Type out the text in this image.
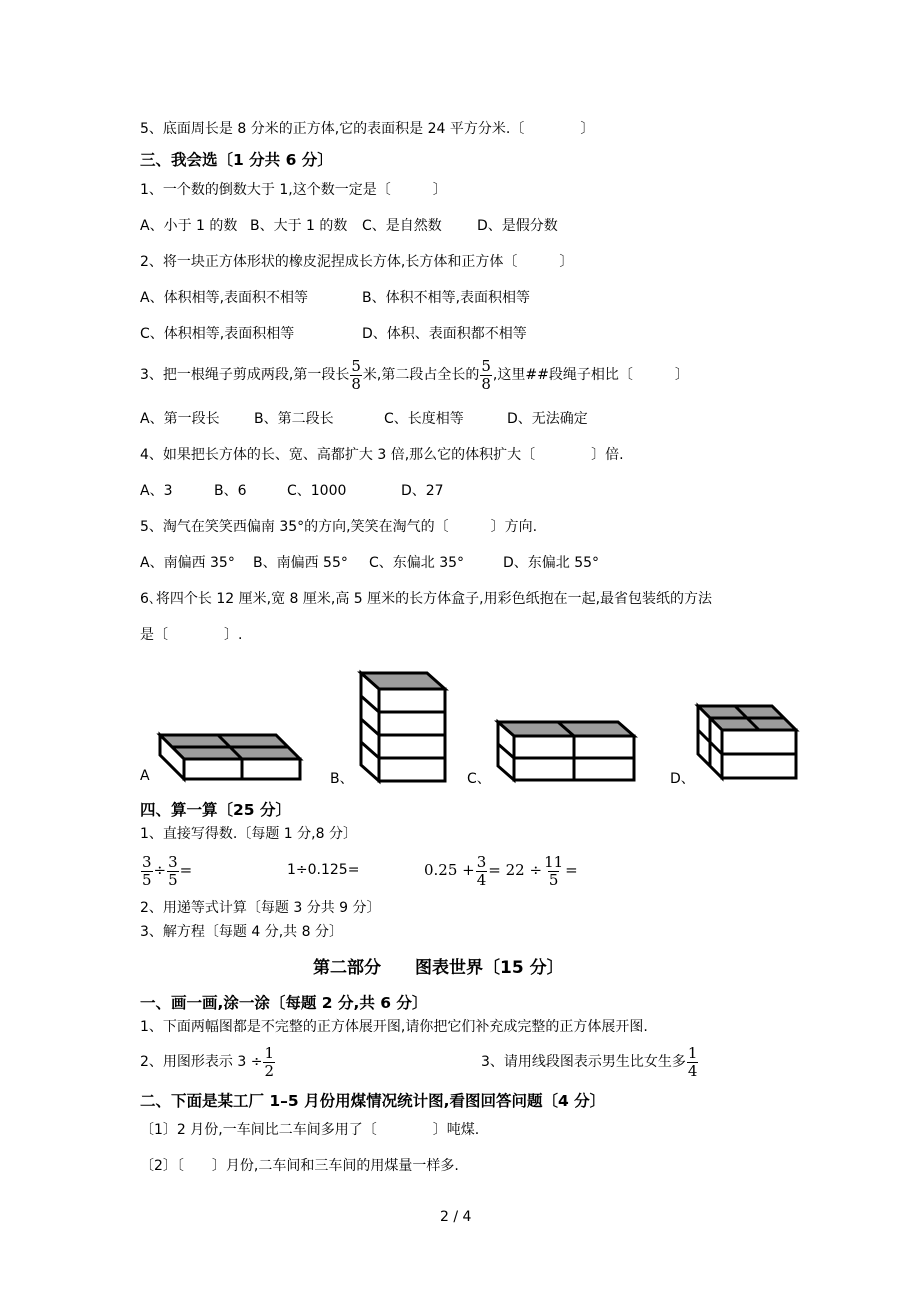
5、底面周长是 8 分米的正方体,它的表面积是 24 平方分米.〔　　　　〕
三、我会选〔1 分共 6 分〕
1、一个数的倒数大于 1,这个数一定是〔　　　〕
A、小于 1 的数 B、大于 1 的数 C、是自然数	D、是假分数
2、将一块正方体形状的橡皮泥捏成长方体,长方体和正方体〔　　　〕
A、体积相等,表面积不相等	B、体积不相等,表面积相等
C、体积相等,表面积相等	D、体积、表面积都不相等
3、把一根绳子剪成两段,第一段长 $\frac{5}{8}$ 米,第二段占全长的 $\frac{5}{8}$ ,这里##段绳子相比〔　　　〕
A、第一段长 B、第二段长	C、长度相等	D、无法确定
4、如果把长方体的长、宽、高都扩大 3 倍,那么它的体积扩大〔　　　　〕倍.
A、3	B、6	C、1000	D、27
5、淘气在笑笑西偏南 35°的方向,笑笑在淘气的〔　　　〕方向.
A、南偏西 35° B、南偏西 55° C、东偏北 35°	D、东偏北 55°
6､将四个长 12 厘米,宽 8 厘米,高 5 厘米的长方体盒子,用彩色纸抱在一起,最省包装纸的方法
是〔　　　　〕.
A	B、	C、	D、
四、算一算〔25 分〕
1、直接写得数.〔每题 1 分,8 分〕
$\frac{3}{5} \div \frac{3}{5}$ =	1÷0.125=	$0.25 + \frac{3}{4} = 22 \div \frac{11}{5}$ =
2、用递等式计算〔每题 3 分共 9 分〕
3、解方程〔每题 4 分,共 8 分〕
第二部分　　图表世界〔15 分〕
一、画一画,涂一涂〔每题 2 分,共 6 分〕
1、下面两幅图都是不完整的正方体展开图,请你把它们补充成完整的正方体展开图.
2、用图形表示 $3 \div \frac{1}{2}$	3、请用线段图表示男生比女生多 $\frac{1}{4}$
二、下面是某工厂 1–5 月份用煤情况统计图,看图回答问题〔4 分〕
〔1〕2 月份,一车间比二车间多用了〔　　　　〕吨煤.
〔2〕〔　　〕月份,二车间和三车间的用煤量一样多.
2 / 4
